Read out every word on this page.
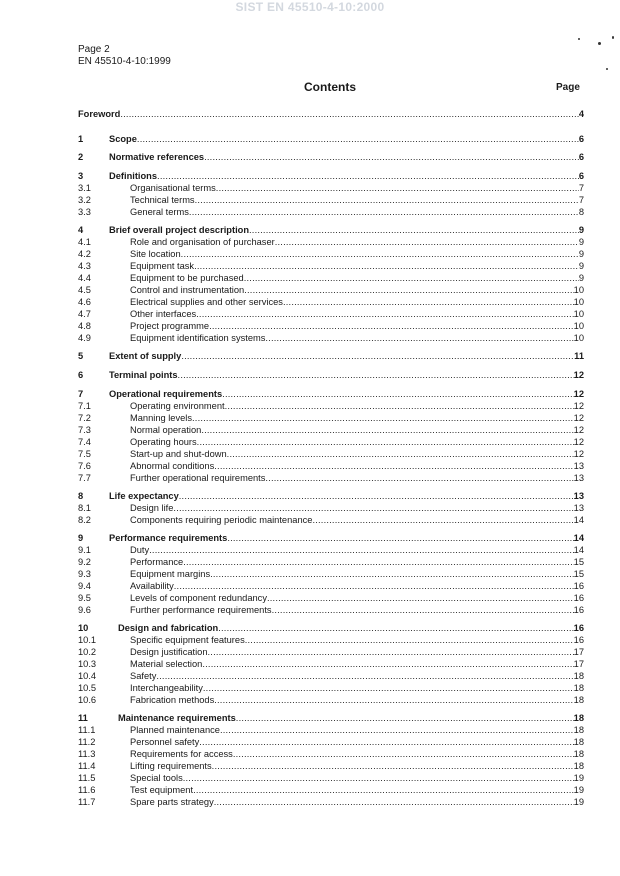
SIST EN 45510-4-10:2000
Page 2
EN 45510-4-10:1999
Contents	Page
Foreword .....	4
1	Scope .....	6
2	Normative references .....	6
3	Definitions .....	6
3.1	Organisational terms .....	7
3.2	Technical terms .....	7
3.3	General terms .....	8
4	Brief overall project description .....	9
4.1	Role and organisation of purchaser .....	9
4.2	Site location .....	9
4.3	Equipment task .....	9
4.4	Equipment to be purchased .....	9
4.5	Control and instrumentation .....	10
4.6	Electrical supplies and other services .....	10
4.7	Other interfaces .....	10
4.8	Project programme .....	10
4.9	Equipment identification systems .....	10
5	Extent of supply .....	11
6	Terminal points .....	12
7	Operational requirements .....	12
7.1	Operating environment .....	12
7.2	Manning levels .....	12
7.3	Normal operation .....	12
7.4	Operating hours .....	12
7.5	Start-up and shut-down .....	12
7.6	Abnormal conditions .....	13
7.7	Further operational requirements .....	13
8	Life expectancy .....	13
8.1	Design life .....	13
8.2	Components requiring periodic maintenance .....	14
9	Performance requirements .....	14
9.1	Duty .....	14
9.2	Performance .....	15
9.3	Equipment margins .....	15
9.4	Availability .....	16
9.5	Levels of component redundancy .....	16
9.6	Further performance requirements .....	16
10	Design and fabrication .....	16
10.1	Specific equipment features .....	16
10.2	Design justification .....	17
10.3	Material selection .....	17
10.4	Safety .....	18
10.5	Interchangeability .....	18
10.6	Fabrication methods .....	18
11	Maintenance requirements .....	18
11.1	Planned maintenance .....	18
11.2	Personnel safety .....	18
11.3	Requirements for access .....	18
11.4	Lifting requirements .....	18
11.5	Special tools .....	19
11.6	Test equipment .....	19
11.7	Spare parts strategy .....	19
